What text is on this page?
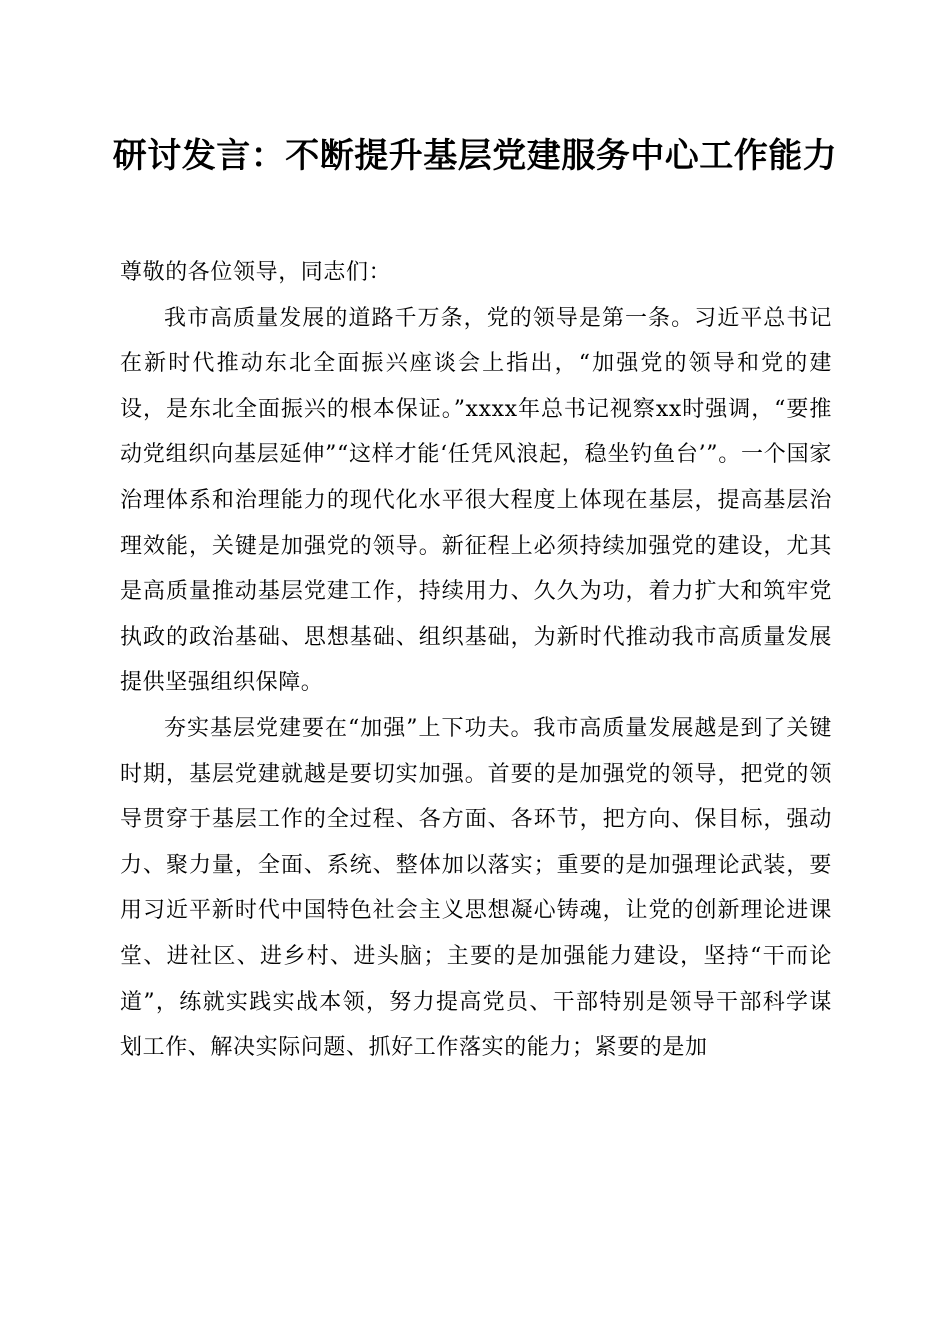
研讨发言：不断提升基层党建服务中心工作能力

尊敬的各位领导，同志们：

我市高质量发展的道路千万条，党的领导是第一条。习近平总书记在新时代推动东北全面振兴座谈会上指出，“加强党的领导和党的建设，是东北全面振兴的根本保证。”xxxx年总书记视察xx时强调，“要推动党组织向基层延伸”“这样才能‘任凭风浪起，稳坐钓鱼台’”。一个国家治理体系和治理能力的现代化水平很大程度上体现在基层，提高基层治理效能，关键是加强党的领导。新征程上必须持续加强党的建设，尤其是高质量推动基层党建工作，持续用力、久久为功，着力扩大和筑牢党执政的政治基础、思想基础、组织基础，为新时代推动我市高质量发展提供坚强组织保障。

夯实基层党建要在“加强”上下功夫。我市高质量发展越是到了关键时期，基层党建就越是要切实加强。首要的是加强党的领导，把党的领导贯穿于基层工作的全过程、各方面、各环节，把方向、保目标，强动力、聚力量，全面、系统、整体加以落实；重要的是加强理论武装，要用习近平新时代中国特色社会主义思想凝心铸魂，让党的创新理论进课堂、进社区、进乡村、进头脑；主要的是加强能力建设，坚持“干而论道”，练就实践实战本领，努力提高党员、干部特别是领导干部科学谋划工作、解决实际问题、抓好工作落实的能力；紧要的是加
